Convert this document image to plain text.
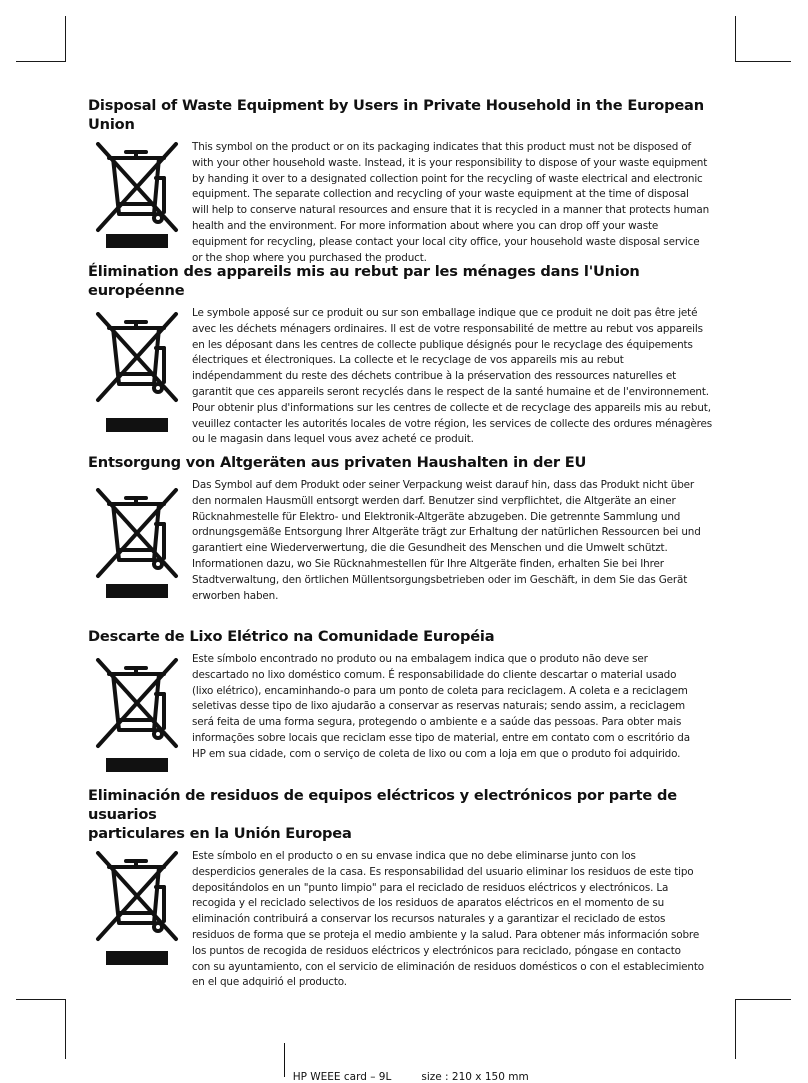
Disposal of Waste Equipment by Users in Private Household in the European Union
This symbol on the product or on its packaging indicates that this product must not be disposed of
with your other household waste. Instead, it is your responsibility to dispose of your waste equipment
by handing it over to a designated collection point for the recycling of waste electrical and electronic
equipment. The separate collection and recycling of your waste equipment at the time of disposal
will help to conserve natural resources and ensure that it is recycled in a manner that protects human
health and the environment. For more information about where you can drop off your waste
equipment for recycling, please contact your local city office, your household waste disposal service
or the shop where you purchased the product.
Élimination des appareils mis au rebut par les ménages dans l'Union européenne
Le symbole apposé sur ce produit ou sur son emballage indique que ce produit ne doit pas être jeté
avec les déchets ménagers ordinaires. Il est de votre responsabilité de mettre au rebut vos appareils
en les déposant dans les centres de collecte publique désignés pour le recyclage des équipements
électriques et électroniques. La collecte et le recyclage de vos appareils mis au rebut
indépendamment du reste des déchets contribue à la préservation des ressources naturelles et
garantit que ces appareils seront recyclés dans le respect de la santé humaine et de l'environnement.
Pour obtenir plus d'informations sur les centres de collecte et de recyclage des appareils mis au rebut,
veuillez contacter les autorités locales de votre région, les services de collecte des ordures ménagères
ou le magasin dans lequel vous avez acheté ce produit.
Entsorgung von Altgeräten aus privaten Haushalten in der EU
Das Symbol auf dem Produkt oder seiner Verpackung weist darauf hin, dass das Produkt nicht über
den normalen Hausmüll entsorgt werden darf. Benutzer sind verpflichtet, die Altgeräte an einer
Rücknahmestelle für Elektro- und Elektronik-Altgeräte abzugeben. Die getrennte Sammlung und
ordnungsgemäße Entsorgung Ihrer Altgeräte trägt zur Erhaltung der natürlichen Ressourcen bei und
garantiert eine Wiederverwertung, die die Gesundheit des Menschen und die Umwelt schützt.
Informationen dazu, wo Sie Rücknahmestellen für Ihre Altgeräte finden, erhalten Sie bei Ihrer
Stadtverwaltung, den örtlichen Müllentsorgungsbetrieben oder im Geschäft, in dem Sie das Gerät
erworben haben.
Descarte de Lixo Elétrico na Comunidade Européia
Este símbolo encontrado no produto ou na embalagem indica que o produto não deve ser
descartado no lixo doméstico comum. É responsabilidade do cliente descartar o material usado
(lixo elétrico), encaminhando-o para um ponto de coleta para reciclagem. A coleta e a reciclagem
seletivas desse tipo de lixo ajudarão a conservar as reservas naturais; sendo assim, a reciclagem
será feita de uma forma segura, protegendo o ambiente e a saúde das pessoas. Para obter mais
informações sobre locais que reciclam esse tipo de material, entre em contato com o escritório da
HP em sua cidade, com o serviço de coleta de lixo ou com a loja em que o produto foi adquirido.
Eliminación de residuos de equipos eléctricos y electrónicos por parte de usuarios
particulares en la Unión Europea
Este símbolo en el producto o en su envase indica que no debe eliminarse junto con los
desperdicios generales de la casa. Es responsabilidad del usuario eliminar los residuos de este tipo
depositándolos en un "punto limpio" para el reciclado de residuos eléctricos y electrónicos. La
recogida y el reciclado selectivos de los residuos de aparatos eléctricos en el momento de su
eliminación contribuirá a conservar los recursos naturales y a garantizar el reciclado de estos
residuos de forma que se proteja el medio ambiente y la salud. Para obtener más información sobre
los puntos de recogida de residuos eléctricos y electrónicos para reciclado, póngase en contacto
con su ayuntamiento, con el servicio de eliminación de residuos domésticos o con el establecimiento
en el que adquirió el producto.

HP WEEE card – 9L	size : 210 x 150 mm
